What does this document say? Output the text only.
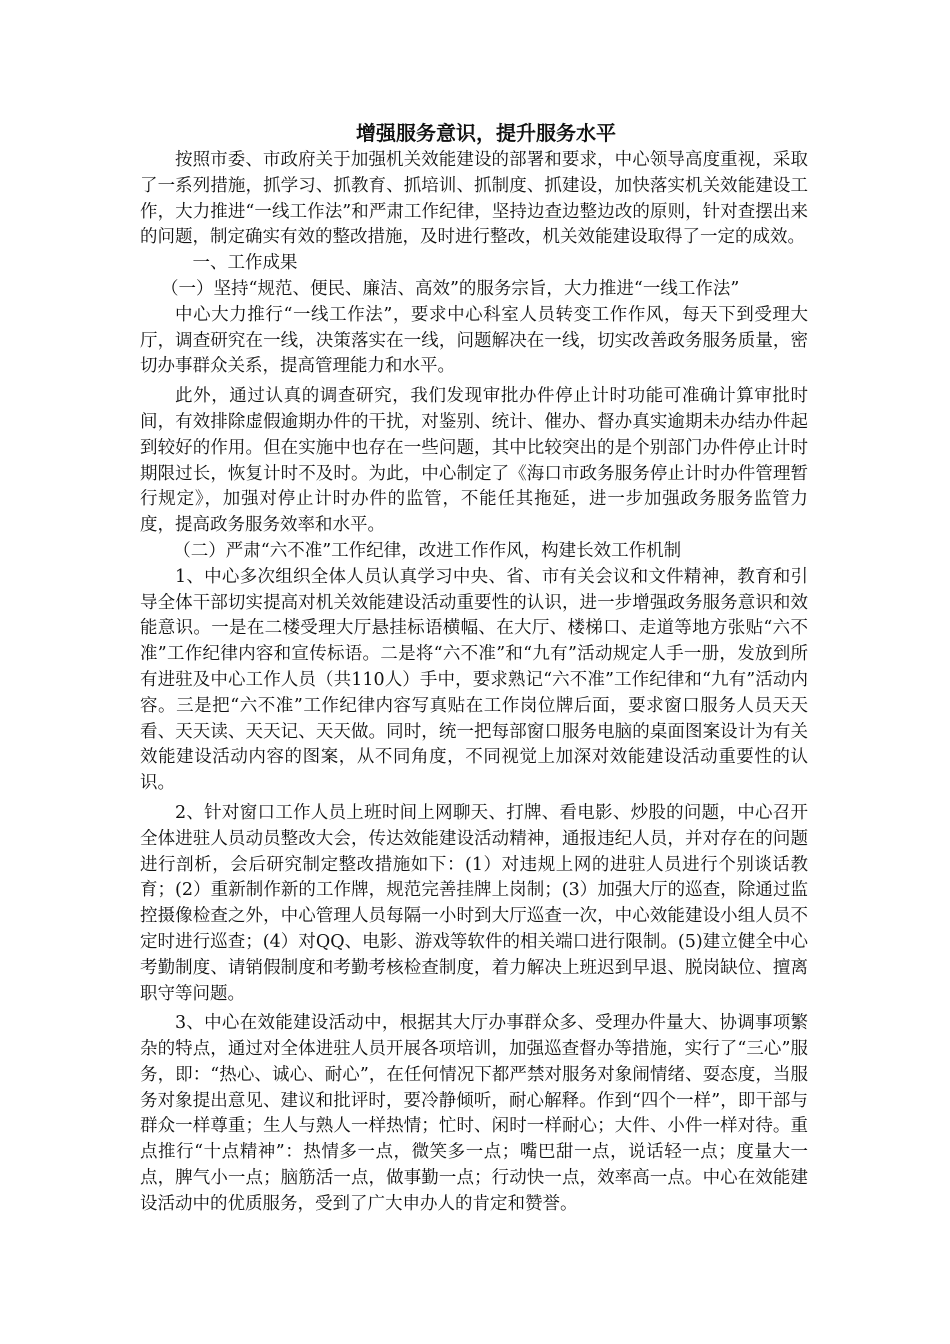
增强服务意识，提升服务水平

按照市委、市政府关于加强机关效能建设的部署和要求，中心领导高度重视，采取了一系列措施，抓学习、抓教育、抓培训、抓制度、抓建设，加快落实机关效能建设工作，大力推进“一线工作法”和严肃工作纪律，坚持边查边整边改的原则，针对查摆出来的问题，制定确实有效的整改措施，及时进行整改，机关效能建设取得了一定的成效。

一、工作成果

（一）坚持“规范、便民、廉洁、高效”的服务宗旨，大力推进“一线工作法”

中心大力推行“一线工作法”，要求中心科室人员转变工作作风，每天下到受理大厅，调查研究在一线，决策落实在一线，问题解决在一线，切实改善政务服务质量，密切办事群众关系，提高管理能力和水平。

此外，通过认真的调查研究，我们发现审批办件停止计时功能可准确计算审批时间，有效排除虚假逾期办件的干扰，对鉴别、统计、催办、督办真实逾期未办结办件起到较好的作用。但在实施中也存在一些问题，其中比较突出的是个别部门办件停止计时期限过长，恢复计时不及时。为此，中心制定了《海口市政务服务停止计时办件管理暂行规定》，加强对停止计时办件的监管，不能任其拖延，进一步加强政务服务监管力度，提高政务服务效率和水平。

（二）严肃“六不准”工作纪律，改进工作作风，构建长效工作机制

1、中心多次组织全体人员认真学习中央、省、市有关会议和文件精神，教育和引导全体干部切实提高对机关效能建设活动重要性的认识，进一步增强政务服务意识和效能意识。一是在二楼受理大厅悬挂标语横幅、在大厅、楼梯口、走道等地方张贴“六不准”工作纪律内容和宣传标语。二是将“六不准”和“九有”活动规定人手一册，发放到所有进驻及中心工作人员（共110人）手中，要求熟记“六不准”工作纪律和“九有”活动内容。三是把“六不准”工作纪律内容写真贴在工作岗位牌后面，要求窗口服务人员天天看、天天读、天天记、天天做。同时，统一把每部窗口服务电脑的桌面图案设计为有关效能建设活动内容的图案，从不同角度，不同视觉上加深对效能建设活动重要性的认识。

2、针对窗口工作人员上班时间上网聊天、打牌、看电影、炒股的问题，中心召开全体进驻人员动员整改大会，传达效能建设活动精神，通报违纪人员，并对存在的问题进行剖析，会后研究制定整改措施如下：(1）对违规上网的进驻人员进行个别谈话教育；(2）重新制作新的工作牌，规范完善挂牌上岗制；(3）加强大厅的巡查，除通过监控摄像检查之外，中心管理人员每隔一小时到大厅巡查一次，中心效能建设小组人员不定时进行巡查；(4）对QQ、电影、游戏等软件的相关端口进行限制。(5)建立健全中心考勤制度、请销假制度和考勤考核检查制度，着力解决上班迟到早退、脱岗缺位、擅离职守等问题。

3、中心在效能建设活动中，根据其大厅办事群众多、受理办件量大、协调事项繁杂的特点，通过对全体进驻人员开展各项培训，加强巡查督办等措施，实行了“三心”服务，即：“热心、诚心、耐心”，在任何情况下都严禁对服务对象闹情绪、耍态度，当服务对象提出意见、建议和批评时，要冷静倾听，耐心解释。作到“四个一样”，即干部与群众一样尊重；生人与熟人一样热情；忙时、闲时一样耐心；大件、小件一样对待。重点推行“十点精神”：热情多一点，微笑多一点；嘴巴甜一点，说话轻一点；度量大一点，脾气小一点；脑筋活一点，做事勤一点；行动快一点，效率高一点。中心在效能建设活动中的优质服务，受到了广大申办人的肯定和赞誉。
